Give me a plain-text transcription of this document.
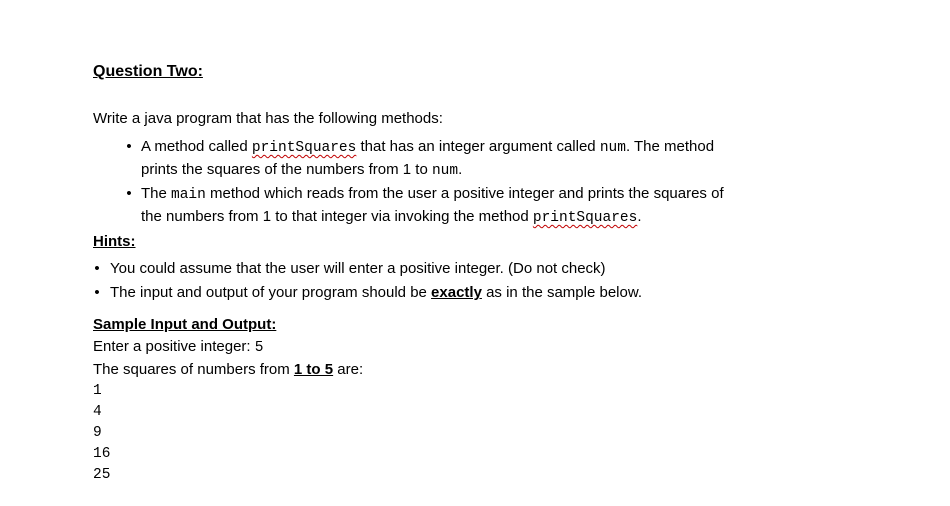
Question Two:
Write a java program that has the following methods:
• A method called printSquares that has an integer argument called num. The method
prints the squares of the numbers from 1 to num.
• The main method which reads from the user a positive integer and prints the squares of
the numbers from 1 to that integer via invoking the method printSquares.
Hints:
• You could assume that the user will enter a positive integer. (Do not check)
• The input and output of your program should be exactly as in the sample below.
Sample Input and Output:
Enter a positive integer: 5
The squares of numbers from 1 to 5 are:
1
4
9
16
25
